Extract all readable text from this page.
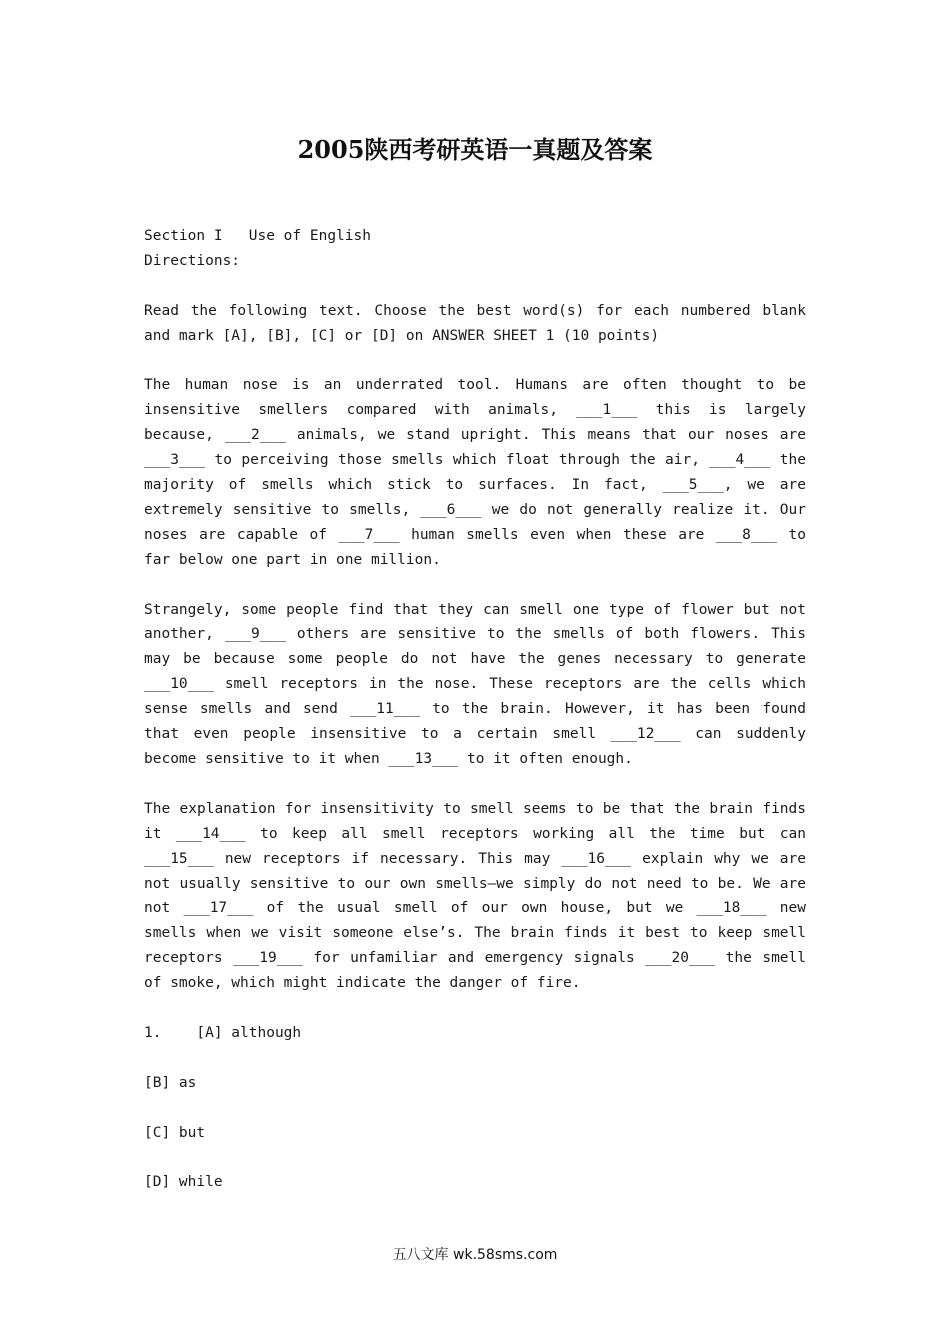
2005陕西考研英语一真题及答案

Section I   Use of English

Directions:

Read the following text. Choose the best word(s) for each numbered blank and mark [A], [B], [C] or [D] on ANSWER SHEET 1 (10 points)

The human nose is an underrated tool. Humans are often thought to be insensitive smellers compared with animals, ___1___ this is largely because, ___2___ animals, we stand upright. This means that our noses are ___3___ to perceiving those smells which float through the air, ___4___ the majority of smells which stick to surfaces. In fact, ___5___, we are extremely sensitive to smells, ___6___ we do not generally realize it. Our noses are capable of ___7___ human smells even when these are ___8___ to far below one part in one million.

Strangely, some people find that they can smell one type of flower but not another, ___9___ others are sensitive to the smells of both flowers. This may be because some people do not have the genes necessary to generate ___10___ smell receptors in the nose. These receptors are the cells which sense smells and send ___11___ to the brain. However, it has been found that even people insensitive to a certain smell ___12___ can suddenly become sensitive to it when ___13___ to it often enough.

The explanation for insensitivity to smell seems to be that the brain finds it ___14___ to keep all smell receptors working all the time but can ___15___ new receptors if necessary. This may ___16___ explain why we are not usually sensitive to our own smells—we simply do not need to be. We are not ___17___ of the usual smell of our own house, but we ___18___ new smells when we visit someone else’s. The brain finds it best to keep smell receptors ___19___ for unfamiliar and emergency signals ___20___ the smell of smoke, which might indicate the danger of fire.

1.    [A] although

[B] as

[C] but

[D] while

五八文库 wk.58sms.com
